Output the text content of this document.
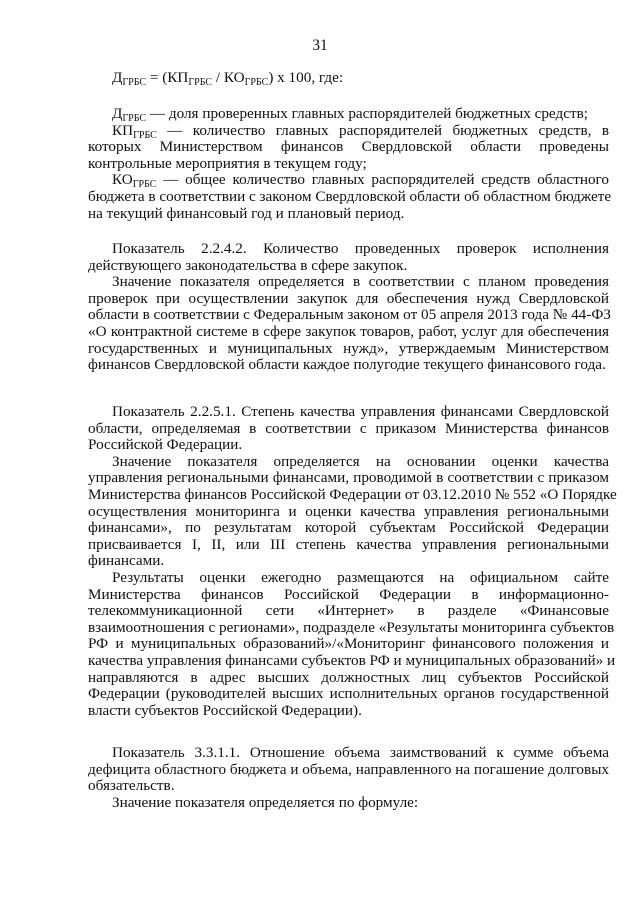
31
$Д_{ГРБС} = (КП_{ГРБС} / КО_{ГРБС})$ х 100, где:
$Д_{ГРБС}$ — доля проверенных главных распорядителей бюджетных средств;
$КП_{ГРБС}$ — количество главных распорядителей бюджетных средств, в
которых Министерством финансов Свердловской области проведены
контрольные мероприятия в текущем году;
$КО_{ГРБС}$ — общее количество главных распорядителей средств областного
бюджета в соответствии с законом Свердловской области об областном бюджете
на текущий финансовый год и плановый период.
Показатель 2.2.4.2. Количество проведенных проверок исполнения
действующего законодательства в сфере закупок.
Значение показателя определяется в соответствии с планом проведения
проверок при осуществлении закупок для обеспечения нужд Свердловской
области в соответствии с Федеральным законом от 05 апреля 2013 года № 44-ФЗ
«О контрактной системе в сфере закупок товаров, работ, услуг для обеспечения
государственных и муниципальных нужд», утверждаемым Министерством
финансов Свердловской области каждое полугодие текущего финансового года.
Показатель 2.2.5.1. Степень качества управления финансами Свердловской
области, определяемая в соответствии с приказом Министерства финансов
Российской Федерации.
Значение показателя определяется на основании оценки качества
управления региональными финансами, проводимой в соответствии с приказом
Министерства финансов Российской Федерации от 03.12.2010 № 552 «О Порядке
осуществления мониторинга и оценки качества управления региональными
финансами», по результатам которой субъектам Российской Федерации
присваивается I, II, или III степень качества управления региональными
финансами.
Результаты оценки ежегодно размещаются на официальном сайте
Министерства финансов Российской Федерации в информационно-
телекоммуникационной сети «Интернет» в разделе «Финансовые
взаимоотношения с регионами», подразделе «Результаты мониторинга субъектов
РФ и муниципальных образований»/«Мониторинг финансового положения и
качества управления финансами субъектов РФ и муниципальных образований» и
направляются в адрес высших должностных лиц субъектов Российской
Федерации (руководителей высших исполнительных органов государственной
власти субъектов Российской Федерации).
Показатель 3.3.1.1. Отношение объема заимствований к сумме объема
дефицита областного бюджета и объема, направленного на погашение долговых
обязательств.
Значение показателя определяется по формуле:
